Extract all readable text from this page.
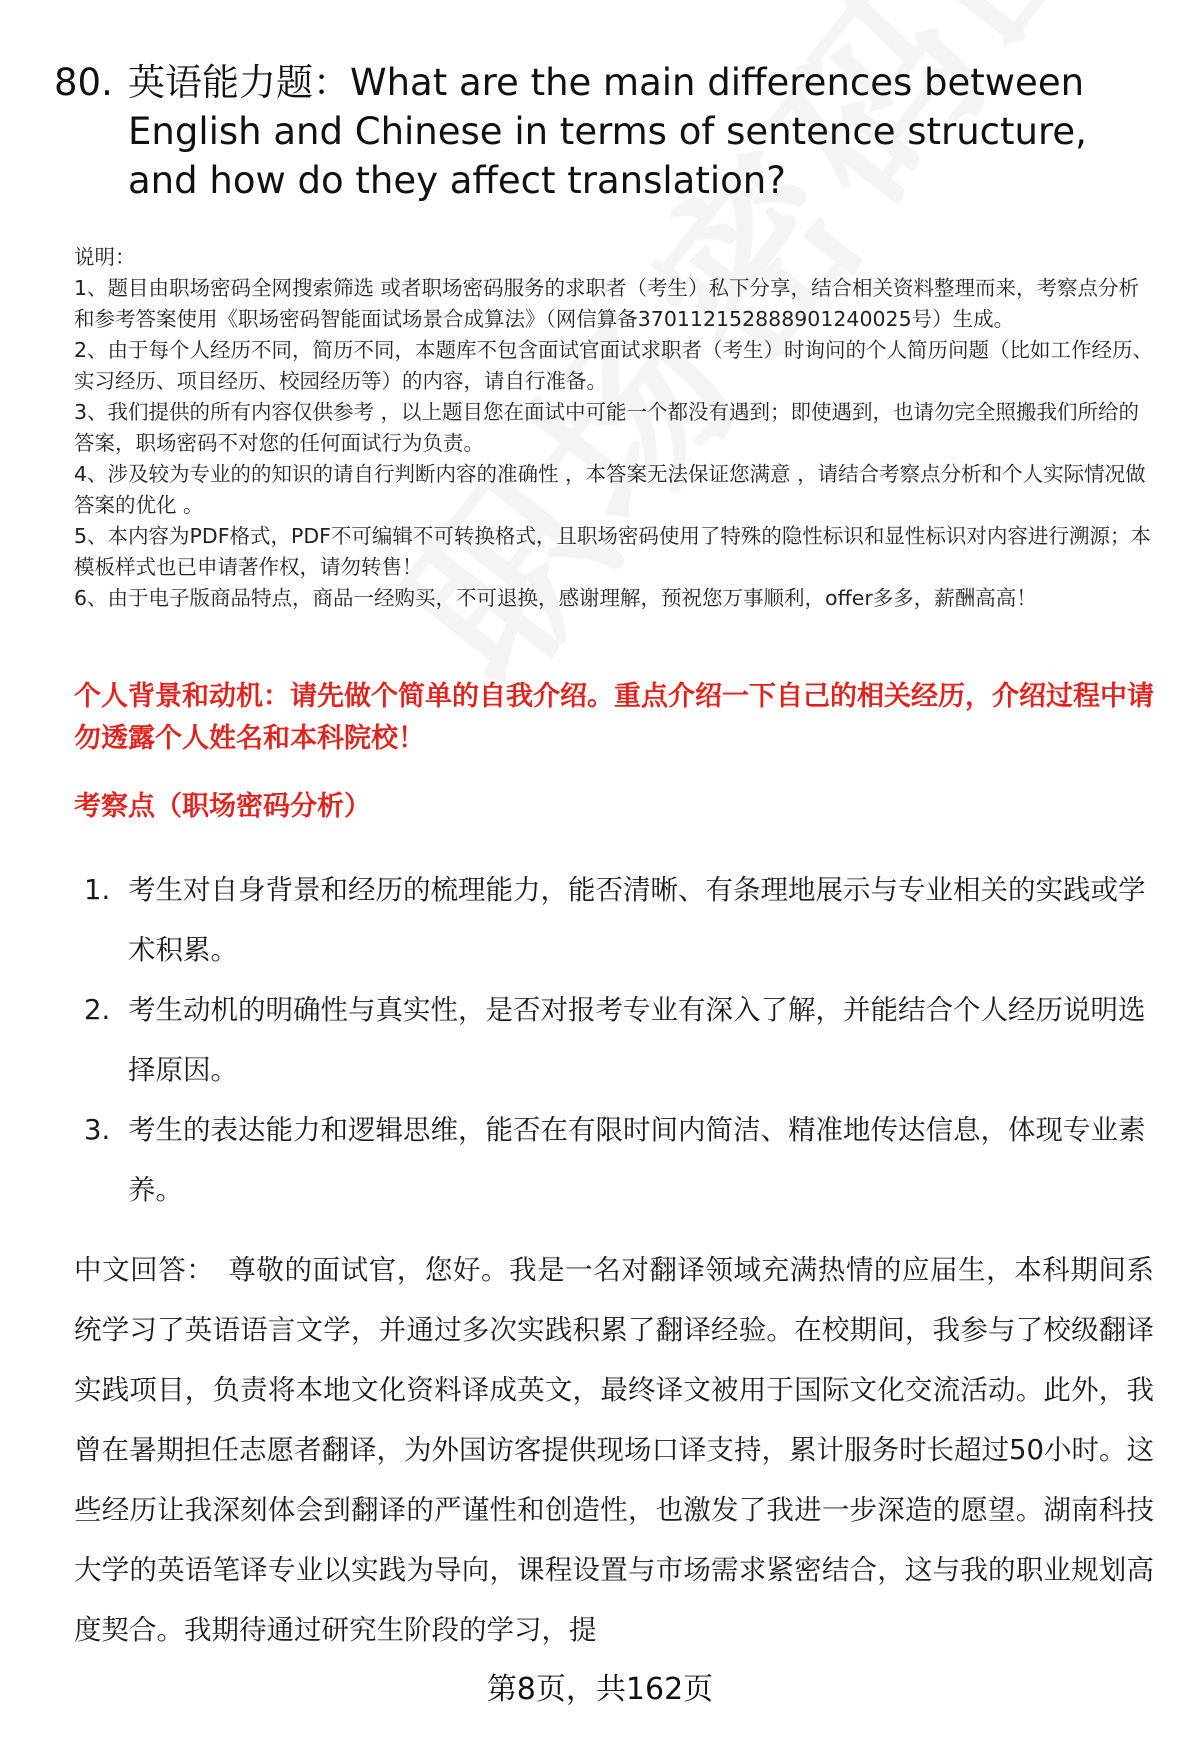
80. 英语能力题：What are the main differences between English and Chinese in terms of sentence structure, and how do they affect translation?
说明：
1、题目由职场密码全网搜索筛选 或者职场密码服务的求职者（考生）私下分享，结合相关资料整理而来，考察点分析和参考答案使用《职场密码智能面试场景合成算法》（网信算备370112152888901240025号）生成。
2、由于每个人经历不同，简历不同，本题库不包含面试官面试求职者（考生）时询问的个人简历问题（比如工作经历、实习经历、项目经历、校园经历等）的内容，请自行准备。
3、我们提供的所有内容仅供参考 ，以上题目您在面试中可能一个都没有遇到；即使遇到，也请勿完全照搬我们所给的答案，职场密码不对您的任何面试行为负责。
4、涉及较为专业的的知识的请自行判断内容的准确性 ，本答案无法保证您满意 ，请结合考察点分析和个人实际情况做答案的优化 。
5、本内容为PDF格式，PDF不可编辑不可转换格式，且职场密码使用了特殊的隐性标识和显性标识对内容进行溯源；本模板样式也已申请著作权，请勿转售！
6、由于电子版商品特点，商品一经购买，不可退换，感谢理解，预祝您万事顺利，offer多多，薪酬高高！
个人背景和动机：请先做个简单的自我介绍。重点介绍一下自己的相关经历，介绍过程中请勿透露个人姓名和本科院校！
考察点（职场密码分析）
1. 考生对自身背景和经历的梳理能力，能否清晰、有条理地展示与专业相关的实践或学术积累。
2. 考生动机的明确性与真实性，是否对报考专业有深入了解，并能结合个人经历说明选择原因。
3. 考生的表达能力和逻辑思维，能否在有限时间内简洁、精准地传达信息，体现专业素养。
中文回答： 尊敬的面试官，您好。我是一名对翻译领域充满热情的应届生，本科期间系统学习了英语语言文学，并通过多次实践积累了翻译经验。在校期间，我参与了校级翻译实践项目，负责将本地文化资料译成英文，最终译文被用于国际文化交流活动。此外，我曾在暑期担任志愿者翻译，为外国访客提供现场口译支持，累计服务时长超过50小时。这些经历让我深刻体会到翻译的严谨性和创造性，也激发了我进一步深造的愿望。湖南科技大学的英语笔译专业以实践为导向，课程设置与市场需求紧密结合，这与我的职业规划高度契合。我期待通过研究生阶段的学习，提
第8页，共162页
